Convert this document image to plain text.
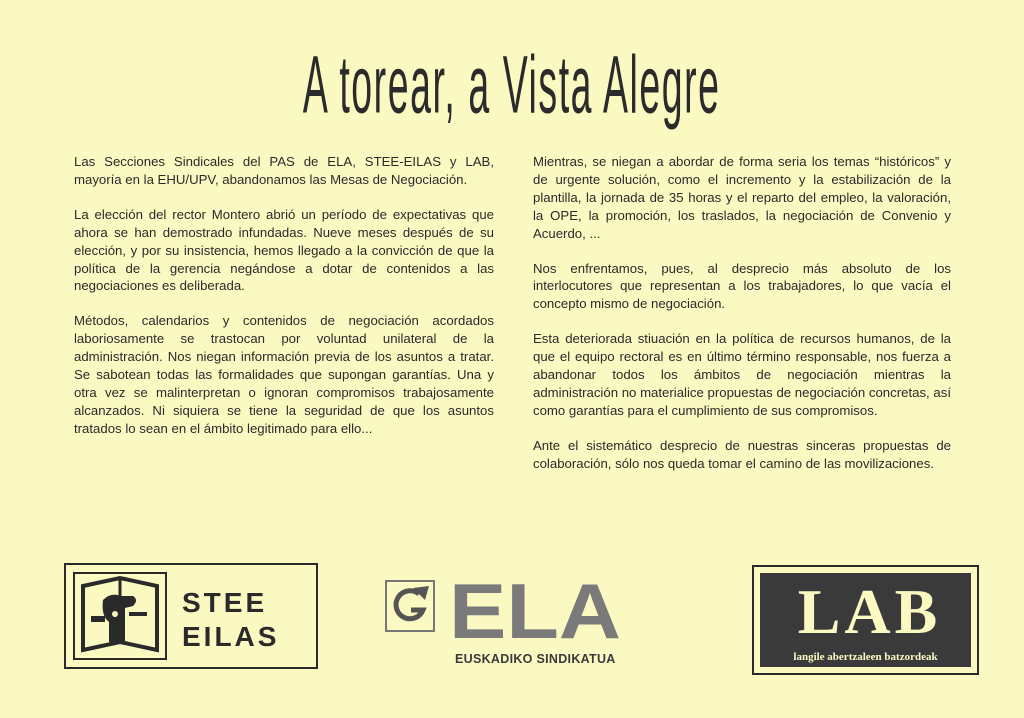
A torear, a Vista Alegre

Las Secciones Sindicales del PAS de ELA, STEE-EILAS y LAB, mayoría en la EHU/UPV, abandonamos las Mesas de Negociación.

La elección del rector Montero abrió un período de expectativas que ahora se han demostrado infundadas. Nueve meses después de su elección, y por su insistencia, hemos llegado a la convicción de que la política de la gerencia negándose a dotar de contenidos a las negociaciones es deliberada.

Métodos, calendarios y contenidos de negociación acordados laboriosamente se trastocan por voluntad unilateral de la administración. Nos niegan información previa de los asuntos a tratar. Se sabotean todas las formalidades que supongan garantías. Una y otra vez se malinterpretan o ignoran compromisos trabajosamente alcanzados. Ni siquiera se tiene la seguridad de que los asuntos tratados lo sean en el ámbito legitimado para ello...

Mientras, se niegan a abordar de forma seria los temas “históricos” y de urgente solución, como el incremento y la estabilización de la plantilla, la jornada de 35 horas y el reparto del empleo, la valoración, la OPE, la promoción, los traslados, la negociación de Convenio y Acuerdo, ...

Nos enfrentamos, pues, al desprecio más absoluto de los interlocutores que representan a los trabajadores, lo que vacía el concepto mismo de negociación.

Esta deteriorada stiuación en la política de recursos humanos, de la que el equipo rectoral es en último término responsable, nos fuerza a abandonar todos los ámbitos de negociación mientras la administración no materialice propuestas de negociación concretas, así como garantías para el cumplimiento de sus compromisos.

Ante el sistemático desprecio de nuestras sinceras propuestas de colaboración, sólo nos queda tomar el camino de las movilizaciones.

STEE
EILAS ELA
EUSKADIKO SINDIKATUA
LAB
langile abertzaleen batzordeak
